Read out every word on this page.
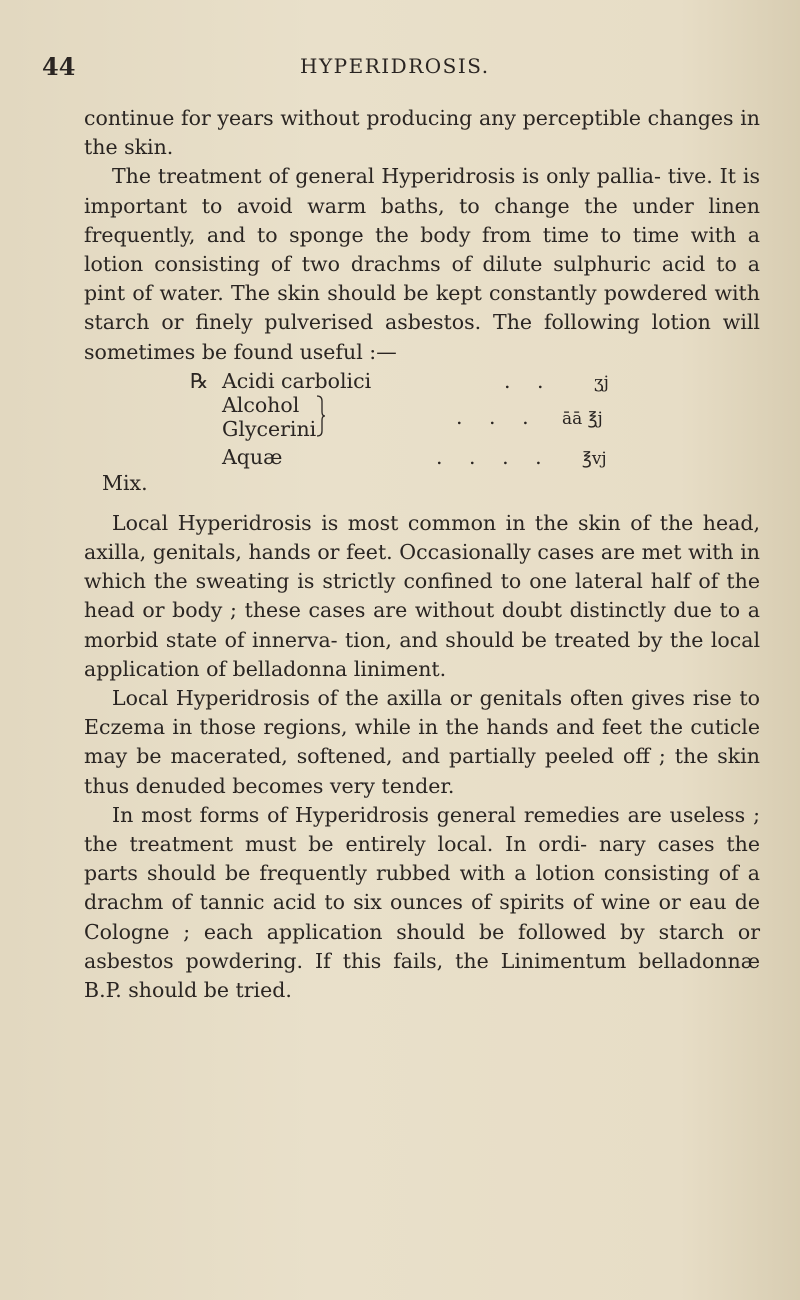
44	HYPERIDROSIS.

continue for years without producing any perceptible changes in the skin.

The treatment of general Hyperidrosis is only pallia- tive. It is important to avoid warm baths, to change the under linen frequently, and to sponge the body from time to time with a lotion consisting of two drachms of dilute sulphuric acid to a pint of water. The skin should be kept constantly powdered with starch or finely pulverised asbestos. The following lotion will sometimes be found useful :—

℞ Acidi carbolici	. . ʒj
Alcohol
Glycerini	. . . āā ℥j
Aquæ	. . . . ℥vj
Mix.

Local Hyperidrosis is most common in the skin of the head, axilla, genitals, hands or feet. Occasionally cases are met with in which the sweating is strictly confined to one lateral half of the head or body ; these cases are without doubt distinctly due to a morbid state of innerva- tion, and should be treated by the local application of belladonna liniment.

Local Hyperidrosis of the axilla or genitals often gives rise to Eczema in those regions, while in the hands and feet the cuticle may be macerated, softened, and partially peeled off ; the skin thus denuded becomes very tender.

In most forms of Hyperidrosis general remedies are useless ; the treatment must be entirely local. In ordi- nary cases the parts should be frequently rubbed with a lotion consisting of a drachm of tannic acid to six ounces of spirits of wine or eau de Cologne ; each application should be followed by starch or asbestos powdering. If this fails, the Linimentum belladonnæ B.P. should be tried.
